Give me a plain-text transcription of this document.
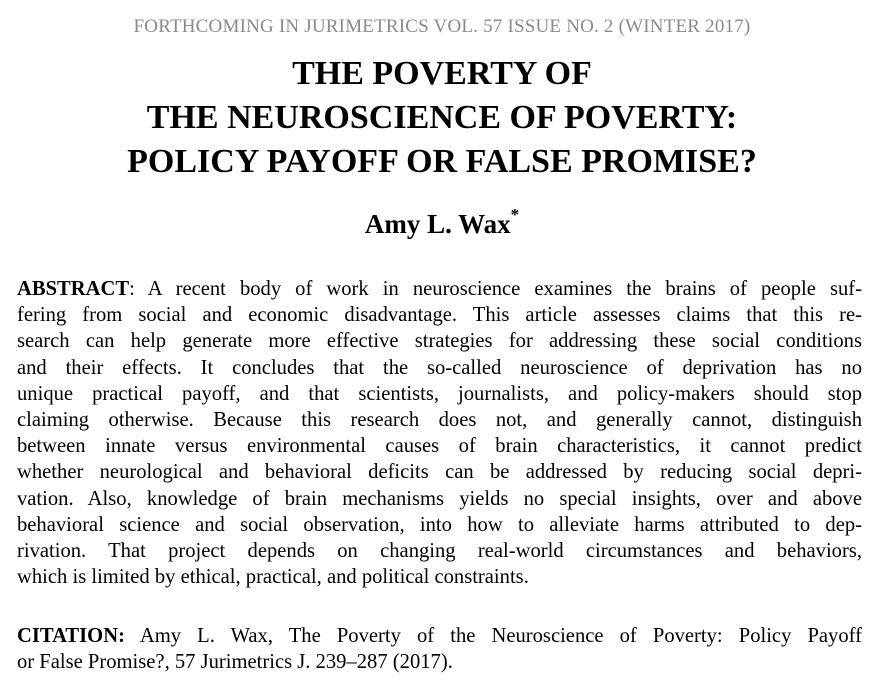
FORTHCOMING IN JURIMETRICS VOL. 57 ISSUE NO. 2 (WINTER 2017)
THE POVERTY OF
THE NEUROSCIENCE OF POVERTY:
POLICY PAYOFF OR FALSE PROMISE?
Amy L. Wax*
ABSTRACT: A recent body of work in neuroscience examines the brains of people suf-
fering from social and economic disadvantage. This article assesses claims that this re-
search can help generate more effective strategies for addressing these social conditions
and their effects. It concludes that the so-called neuroscience of deprivation has no
unique practical payoff, and that scientists, journalists, and policy-makers should stop
claiming otherwise. Because this research does not, and generally cannot, distinguish
between innate versus environmental causes of brain characteristics, it cannot predict
whether neurological and behavioral deficits can be addressed by reducing social depri-
vation. Also, knowledge of brain mechanisms yields no special insights, over and above
behavioral science and social observation, into how to alleviate harms attributed to dep-
rivation. That project depends on changing real-world circumstances and behaviors,
which is limited by ethical, practical, and political constraints.
CITATION: Amy L. Wax, The Poverty of the Neuroscience of Poverty: Policy Payoff
or False Promise?, 57 Jurimetrics J. 239–287 (2017).
